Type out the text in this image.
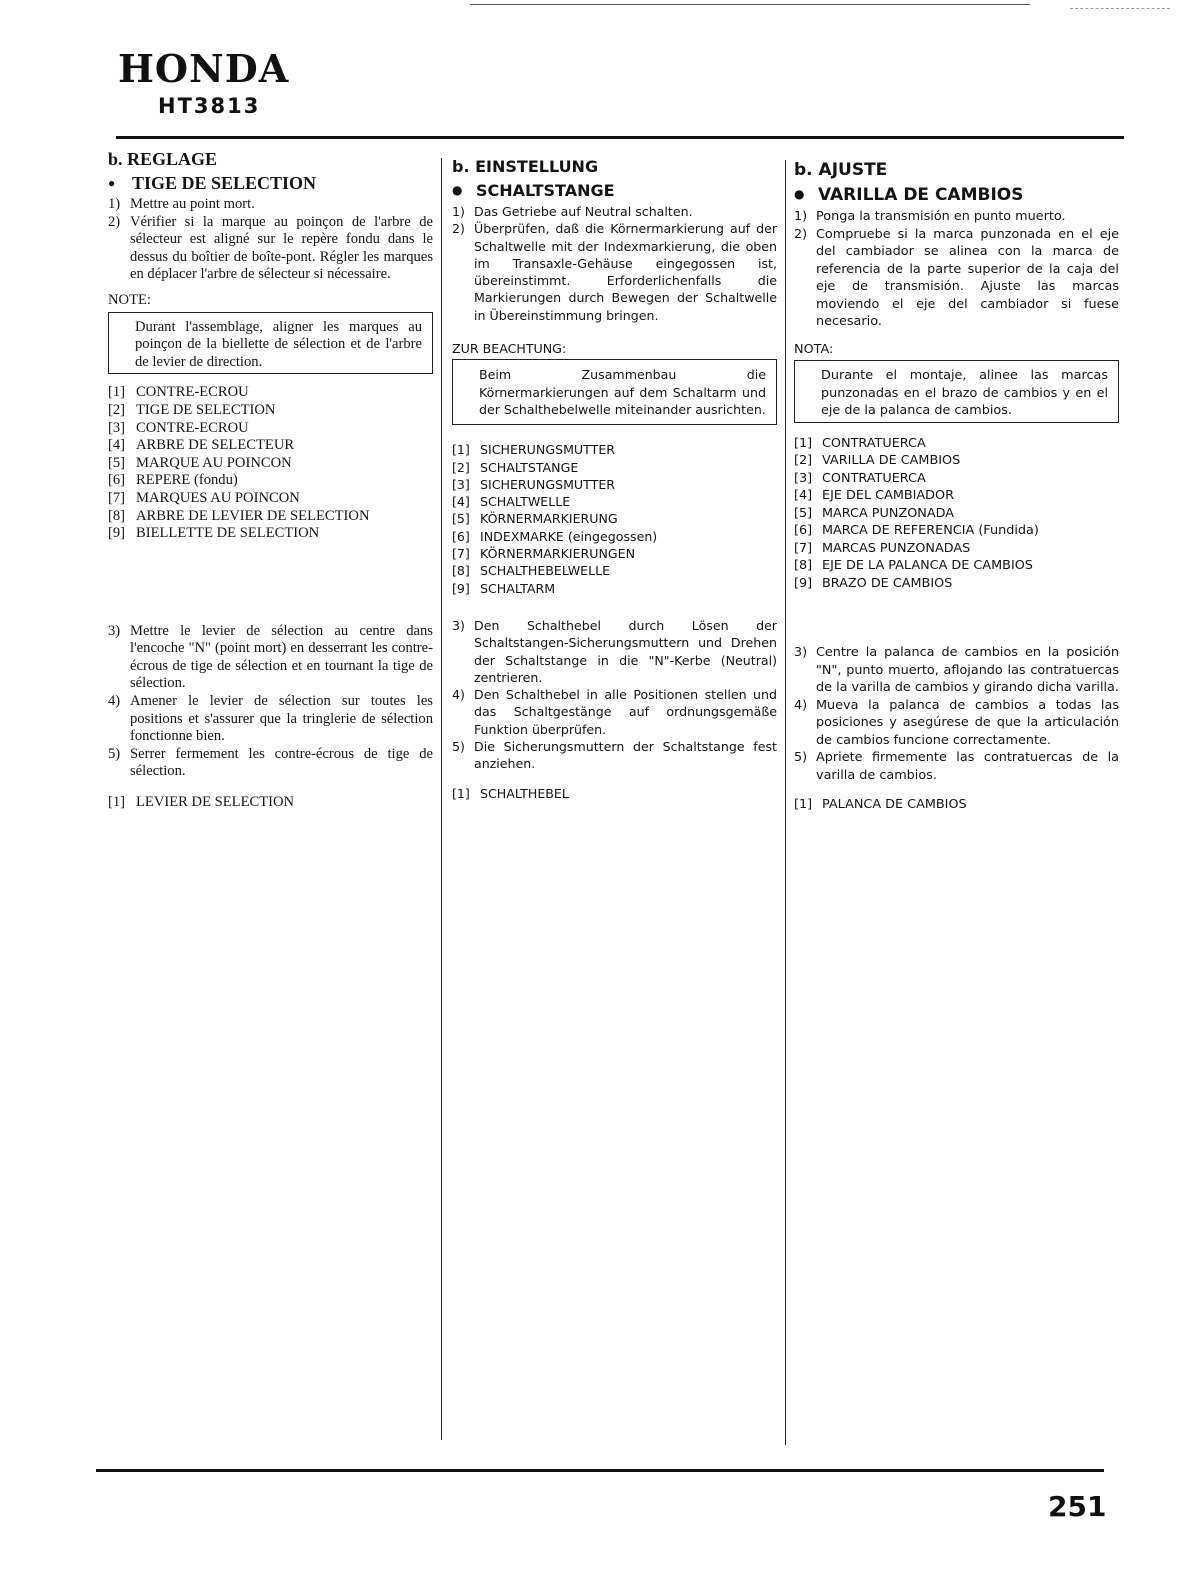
HONDA
HT3813
b. REGLAGE
● TIGE DE SELECTION
1) Mettre au point mort.
2) Vérifier si la marque au poinçon de l'arbre de sélecteur est aligné sur le repère fondu dans le dessus du boîtier de boîte-pont. Régler les marques en déplacer l'arbre de sélecteur si nécessaire.
NOTE:
Durant l'assemblage, aligner les marques au poinçon de la biellette de sélection et de l'arbre de levier de direction.
[1] CONTRE-ECROU
[2] TIGE DE SELECTION
[3] CONTRE-ECROU
[4] ARBRE DE SELECTEUR
[5] MARQUE AU POINCON
[6] REPERE (fondu)
[7] MARQUES AU POINCON
[8] ARBRE DE LEVIER DE SELECTION
[9] BIELLETTE DE SELECTION
3) Mettre le levier de sélection au centre dans l'encoche "N" (point mort) en desserrant les contre-écrous de tige de sélection et en tournant la tige de sélection.
4) Amener le levier de sélection sur toutes les positions et s'assurer que la tringlerie de sélection fonctionne bien.
5) Serrer fermement les contre-écrous de tige de sélection.
[1] LEVIER DE SELECTION
b. EINSTELLUNG
● SCHALTSTANGE
1) Das Getriebe auf Neutral schalten.
2) Überprüfen, daß die Körnermarkierung auf der Schaltwelle mit der Indexmarkierung, die oben im Transaxle-Gehäuse eingegossen ist, übereinstimmt. Erforderlichenfalls die Markierungen durch Bewegen der Schaltwelle in Übereinstimmung bringen.
ZUR BEACHTUNG:
Beim Zusammenbau die Körnermarkierungen auf dem Schaltarm und der Schalthebelwelle miteinander ausrichten.
[1] SICHERUNGSMUTTER
[2] SCHALTSTANGE
[3] SICHERUNGSMUTTER
[4] SCHALTWELLE
[5] KÖRNERMARKIERUNG
[6] INDEXMARKE (eingegossen)
[7] KÖRNERMARKIERUNGEN
[8] SCHALTHEBELWELLE
[9] SCHALTARM
3) Den Schalthebel durch Lösen der Schaltstangen-Sicherungsmuttern und Drehen der Schaltstange in die "N"-Kerbe (Neutral) zentrieren.
4) Den Schalthebel in alle Positionen stellen und das Schaltgestänge auf ordnungsgemäße Funktion überprüfen.
5) Die Sicherungsmuttern der Schaltstange fest anziehen.
[1] SCHALTHEBEL
b. AJUSTE
● VARILLA DE CAMBIOS
1) Ponga la transmisión en punto muerto.
2) Compruebe si la marca punzonada en el eje del cambiador se alinea con la marca de referencia de la parte superior de la caja del eje de transmisión. Ajuste las marcas moviendo el eje del cambiador si fuese necesario.
NOTA:
Durante el montaje, alinee las marcas punzonadas en el brazo de cambios y en el eje de la palanca de cambios.
[1] CONTRATUERCA
[2] VARILLA DE CAMBIOS
[3] CONTRATUERCA
[4] EJE DEL CAMBIADOR
[5] MARCA PUNZONADA
[6] MARCA DE REFERENCIA (Fundida)
[7] MARCAS PUNZONADAS
[8] EJE DE LA PALANCA DE CAMBIOS
[9] BRAZO DE CAMBIOS
3) Centre la palanca de cambios en la posición "N", punto muerto, aflojando las contratuercas de la varilla de cambios y girando dicha varilla.
4) Mueva la palanca de cambios a todas las posiciones y asegúrese de que la articulación de cambios funcione correctamente.
5) Apriete firmemente las contratuercas de la varilla de cambios.
[1] PALANCA DE CAMBIOS
251
